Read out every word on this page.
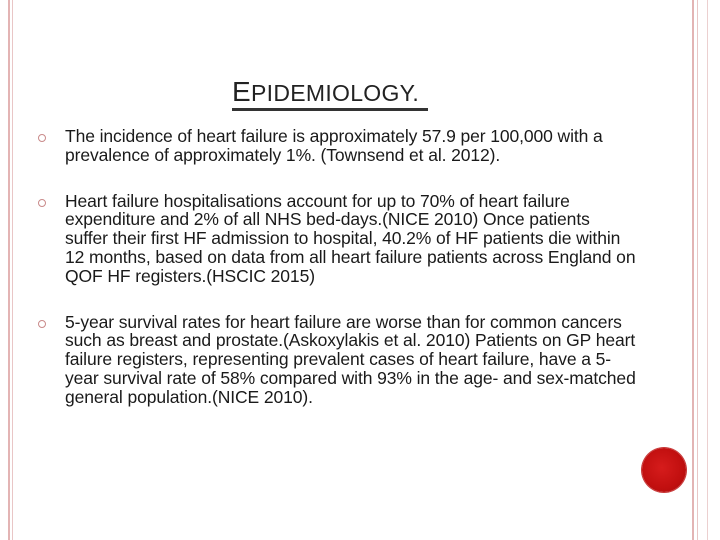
EPIDEMIOLOGY.
The incidence of heart failure is approximately 57.9 per 100,000 with a prevalence of approximately 1%. (Townsend et al. 2012).
Heart failure hospitalisations account for up to 70% of heart failure expenditure and 2% of all NHS bed-days.(NICE 2010) Once patients suffer their first HF admission to hospital, 40.2% of HF patients die within 12 months, based on data from all heart failure patients across England on QOF HF registers.(HSCIC 2015)
5-year survival rates for heart failure are worse than for common cancers such as breast and prostate.(Askoxylakis et al. 2010) Patients on GP heart failure registers, representing prevalent cases of heart failure, have a 5-year survival rate of 58% compared with 93% in the age- and sex-matched general population.(NICE 2010).
